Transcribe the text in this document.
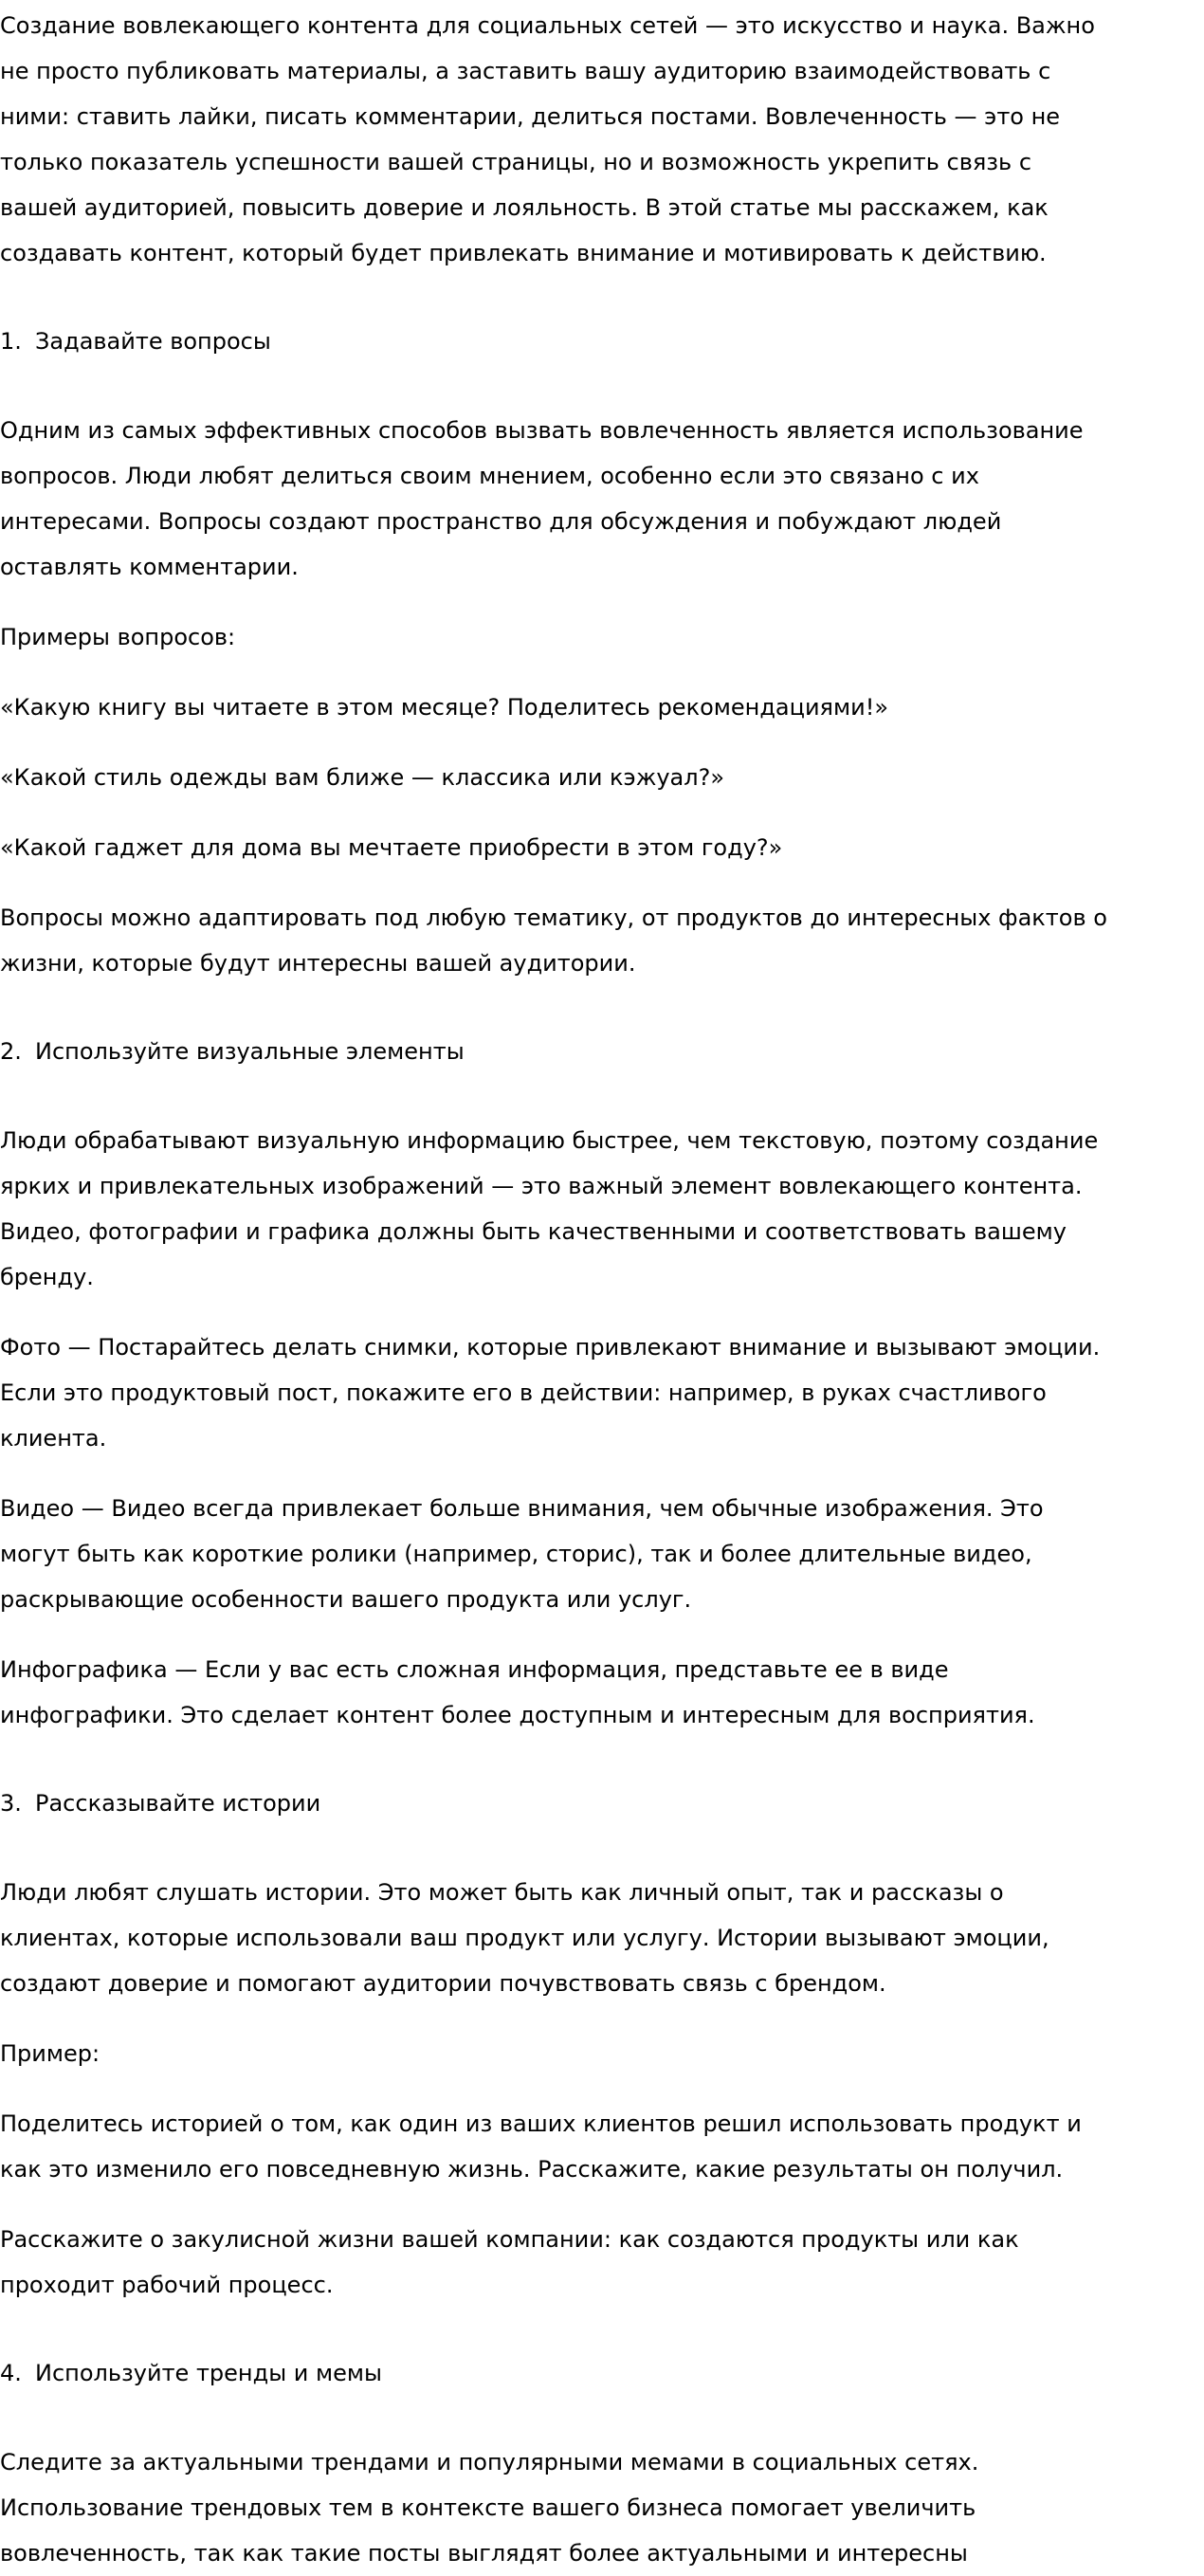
Создание вовлекающего контента для социальных сетей — это искусство и наука. Важно
не просто публиковать материалы, а заставить вашу аудиторию взаимодействовать с
ними: ставить лайки, писать комментарии, делиться постами. Вовлеченность — это не
только показатель успешности вашей страницы, но и возможность укрепить связь с
вашей аудиторией, повысить доверие и лояльность. В этой статье мы расскажем, как
создавать контент, который будет привлекать внимание и мотивировать к действию.
1. Задавайте вопросы
Одним из самых эффективных способов вызвать вовлеченность является использование
вопросов. Люди любят делиться своим мнением, особенно если это связано с их
интересами. Вопросы создают пространство для обсуждения и побуждают людей
оставлять комментарии.
Примеры вопросов:
«Какую книгу вы читаете в этом месяце? Поделитесь рекомендациями!»
«Какой стиль одежды вам ближе — классика или кэжуал?»
«Какой гаджет для дома вы мечтаете приобрести в этом году?»
Вопросы можно адаптировать под любую тематику, от продуктов до интересных фактов о
жизни, которые будут интересны вашей аудитории.
2. Используйте визуальные элементы
Люди обрабатывают визуальную информацию быстрее, чем текстовую, поэтому создание
ярких и привлекательных изображений — это важный элемент вовлекающего контента.
Видео, фотографии и графика должны быть качественными и соответствовать вашему
бренду.
Фото — Постарайтесь делать снимки, которые привлекают внимание и вызывают эмоции.
Если это продуктовый пост, покажите его в действии: например, в руках счастливого
клиента.
Видео — Видео всегда привлекает больше внимания, чем обычные изображения. Это
могут быть как короткие ролики (например, сторис), так и более длительные видео,
раскрывающие особенности вашего продукта или услуг.
Инфографика — Если у вас есть сложная информация, представьте ее в виде
инфографики. Это сделает контент более доступным и интересным для восприятия.
3. Рассказывайте истории
Люди любят слушать истории. Это может быть как личный опыт, так и рассказы о
клиентах, которые использовали ваш продукт или услугу. Истории вызывают эмоции,
создают доверие и помогают аудитории почувствовать связь с брендом.
Пример:
Поделитесь историей о том, как один из ваших клиентов решил использовать продукт и
как это изменило его повседневную жизнь. Расскажите, какие результаты он получил.
Расскажите о закулисной жизни вашей компании: как создаются продукты или как
проходит рабочий процесс.
4. Используйте тренды и мемы
Следите за актуальными трендами и популярными мемами в социальных сетях.
Использование трендовых тем в контексте вашего бизнеса помогает увеличить
вовлеченность, так как такие посты выглядят более актуальными и интересны
